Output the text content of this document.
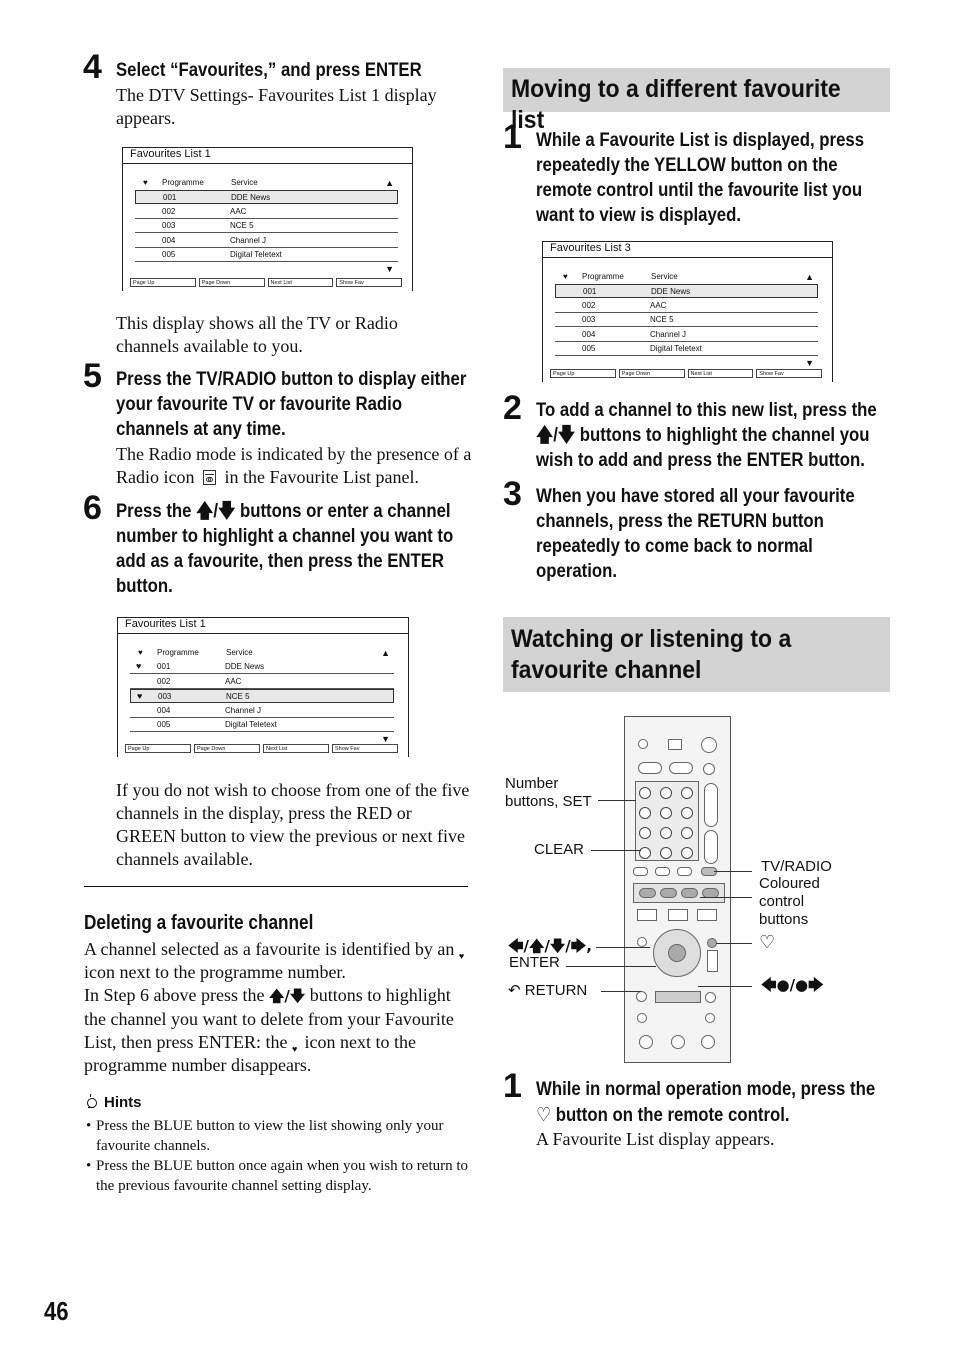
4 Select “Favourites,” and press ENTER
The DTV Settings- Favourites List 1 display appears.
Favourites List 1
♥ Programme	Service	▲
001	DDE News
002	AAC
003	NCE 5
004	Channel J
005	Digital Teletext
▼
Page Up	Page Down	Next List	Show Fav
This display shows all the TV or Radio channels available to you.
5 Press the TV/RADIO button to display either your favourite TV or favourite Radio channels at any time.
The Radio mode is indicated by the presence of a Radio icon in the Favourite List panel.
6 Press the 🡅/🡇 buttons or enter a channel number to highlight a channel you want to add as a favourite, then press the ENTER button.
Favourites List 1
♥ Programme	Service	▲
♥ 001	DDE News
002	AAC
♥ 003	NCE 5
004	Channel J
005	Digital Teletext
▼
Page Up	Page Down	Next List	Show Fav
If you do not wish to choose from one of the five channels in the display, press the RED or GREEN button to view the previous or next five channels available.
Deleting a favourite channel
A channel selected as a favourite is identified by an ♥ icon next to the programme number.
In Step 6 above press the 🡅/🡇 buttons to highlight the channel you want to delete from your Favourite List, then press ENTER: the ♥ icon next to the programme number disappears.
Hints
• Press the BLUE button to view the list showing only your favourite channels.
• Press the BLUE button once again when you wish to return to the previous favourite channel setting display.
46
Moving to a different favourite list
1 While a Favourite List is displayed, press repeatedly the YELLOW button on the remote control until the favourite list you want to view is displayed.
Favourites List 3
♥ Programme	Service	▲
001	DDE News
002	AAC
003	NCE 5
004	Channel J
005	Digital Teletext
▼
Page Up	Page Down	Next List	Show Fav
2 To add a channel to this new list, press the 🡅/🡇 buttons to highlight the channel you wish to add and press the ENTER button.
3 When you have stored all your favourite channels, press the RETURN button repeatedly to come back to normal operation.
Watching or listening to a
favourite channel
Number buttons, SET
CLEAR
TV/RADIO
Coloured control buttons
♡
🡄/🡅/🡇/🡆,
ENTER
↶ RETURN	🡄●/●🡆
1 While in normal operation mode, press the ♡ button on the remote control.
A Favourite List display appears.
